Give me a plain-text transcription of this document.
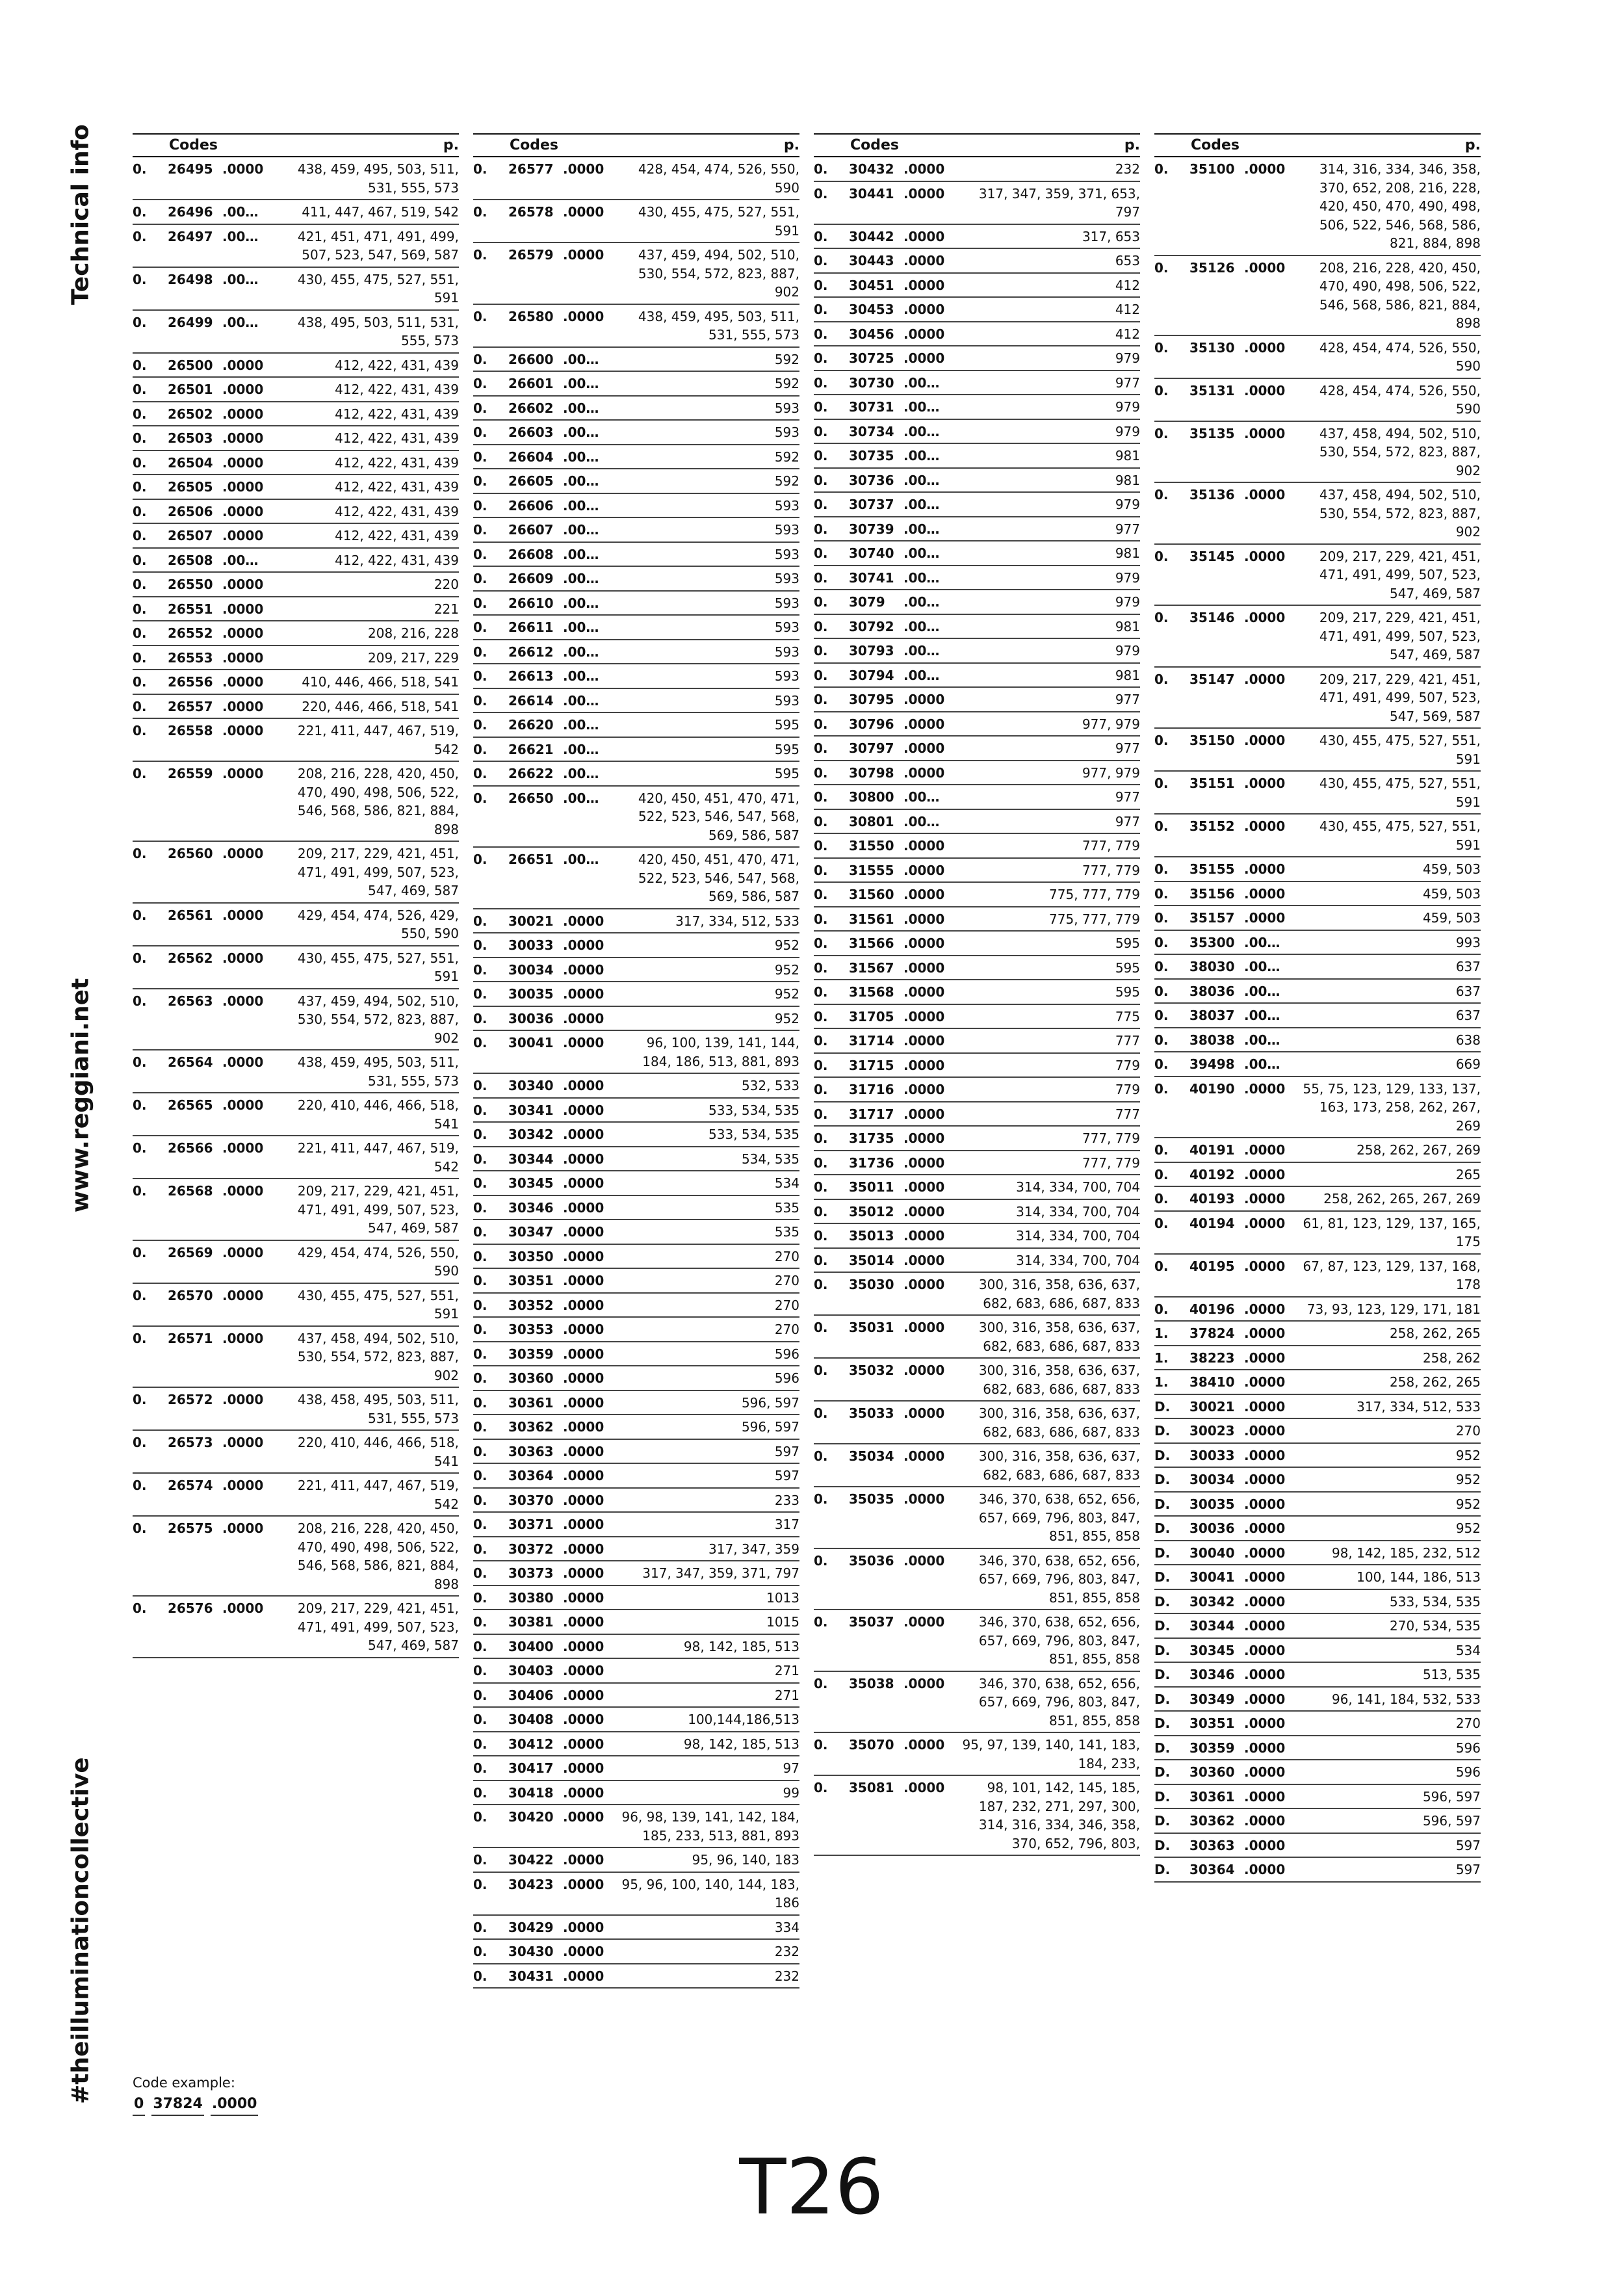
Technical info
www.reggiani.net
#theilluminationcollective
Codes	p.
0.	26495 .0000	438, 459, 495, 503, 511, 531, 555, 573
0.	26496 .00…	411, 447, 467, 519, 542
0.	26497 .00…	421, 451, 471, 491, 499, 507, 523, 547, 569, 587
0.	26498 .00…	430, 455, 475, 527, 551, 591
0.	26499 .00…	438, 495, 503, 511, 531, 555, 573
0.	26500 .0000	412, 422, 431, 439
0.	26501 .0000	412, 422, 431, 439
0.	26502 .0000	412, 422, 431, 439
0.	26503 .0000	412, 422, 431, 439
0.	26504 .0000	412, 422, 431, 439
0.	26505 .0000	412, 422, 431, 439
0.	26506 .0000	412, 422, 431, 439
0.	26507 .0000	412, 422, 431, 439
0.	26508 .00…	412, 422, 431, 439
0.	26550 .0000	220
0.	26551 .0000	221
0.	26552 .0000	208, 216, 228
0.	26553 .0000	209, 217, 229
0.	26556 .0000	410, 446, 466, 518, 541
0.	26557 .0000	220, 446, 466, 518, 541
0.	26558 .0000	221, 411, 447, 467, 519, 542
0.	26559 .0000	208, 216, 228, 420, 450, 470, 490, 498, 506, 522, 546, 568, 586, 821, 884, 898
0.	26560 .0000	209, 217, 229, 421, 451, 471, 491, 499, 507, 523, 547, 469, 587
0.	26561 .0000	429, 454, 474, 526, 429, 550, 590
0.	26562 .0000	430, 455, 475, 527, 551, 591
0.	26563 .0000	437, 459, 494, 502, 510, 530, 554, 572, 823, 887, 902
0.	26564 .0000	438, 459, 495, 503, 511, 531, 555, 573
0.	26565 .0000	220, 410, 446, 466, 518, 541
0.	26566 .0000	221, 411, 447, 467, 519, 542
0.	26568 .0000	209, 217, 229, 421, 451, 471, 491, 499, 507, 523, 547, 469, 587
0.	26569 .0000	429, 454, 474, 526, 550, 590
0.	26570 .0000	430, 455, 475, 527, 551, 591
0.	26571 .0000	437, 458, 494, 502, 510, 530, 554, 572, 823, 887, 902
0.	26572 .0000	438, 458, 495, 503, 511, 531, 555, 573
0.	26573 .0000	220, 410, 446, 466, 518, 541
0.	26574 .0000	221, 411, 447, 467, 519, 542
0.	26575 .0000	208, 216, 228, 420, 450, 470, 490, 498, 506, 522, 546, 568, 586, 821, 884, 898
0.	26576 .0000	209, 217, 229, 421, 451, 471, 491, 499, 507, 523, 547, 469, 587
Codes	p.
0.	26577 .0000	428, 454, 474, 526, 550, 590
0.	26578 .0000	430, 455, 475, 527, 551, 591
0.	26579 .0000	437, 459, 494, 502, 510, 530, 554, 572, 823, 887, 902
0.	26580 .0000	438, 459, 495, 503, 511, 531, 555, 573
0.	26600 .00…	592
0.	26601 .00…	592
0.	26602 .00…	593
0.	26603 .00…	593
0.	26604 .00…	592
0.	26605 .00…	592
0.	26606 .00…	593
0.	26607 .00…	593
0.	26608 .00…	593
0.	26609 .00…	593
0.	26610 .00…	593
0.	26611 .00…	593
0.	26612 .00…	593
0.	26613 .00…	593
0.	26614 .00…	593
0.	26620 .00…	595
0.	26621 .00…	595
0.	26622 .00…	595
0.	26650 .00…	420, 450, 451, 470, 471, 522, 523, 546, 547, 568, 569, 586, 587
0.	26651 .00…	420, 450, 451, 470, 471, 522, 523, 546, 547, 568, 569, 586, 587
0.	30021 .0000	317, 334, 512, 533
0.	30033 .0000	952
0.	30034 .0000	952
0.	30035 .0000	952
0.	30036 .0000	952
0.	30041 .0000	96, 100, 139, 141, 144, 184, 186, 513, 881, 893
0.	30340 .0000	532, 533
0.	30341 .0000	533, 534, 535
0.	30342 .0000	533, 534, 535
0.	30344 .0000	534, 535
0.	30345 .0000	534
0.	30346 .0000	535
0.	30347 .0000	535
0.	30350 .0000	270
0.	30351 .0000	270
0.	30352 .0000	270
0.	30353 .0000	270
0.	30359 .0000	596
0.	30360 .0000	596
0.	30361 .0000	596, 597
0.	30362 .0000	596, 597
0.	30363 .0000	597
0.	30364 .0000	597
0.	30370 .0000	233
0.	30371 .0000	317
0.	30372 .0000	317, 347, 359
0.	30373 .0000	317, 347, 359, 371, 797
0.	30380 .0000	1013
0.	30381 .0000	1015
0.	30400 .0000	98, 142, 185, 513
0.	30403 .0000	271
0.	30406 .0000	271
0.	30408 .0000	100,144,186,513
0.	30412 .0000	98, 142, 185, 513
0.	30417 .0000	97
0.	30418 .0000	99
0.	30420 .0000	96, 98, 139, 141, 142, 184, 185, 233, 513, 881, 893
0.	30422 .0000	95, 96, 140, 183
0.	30423 .0000	95, 96, 100, 140, 144, 183, 186
0.	30429 .0000	334
0.	30430 .0000	232
0.	30431 .0000	232
Codes	p.
0.	30432 .0000	232
0.	30441 .0000	317, 347, 359, 371, 653, 797
0.	30442 .0000	317, 653
0.	30443 .0000	653
0.	30451 .0000	412
0.	30453 .0000	412
0.	30456 .0000	412
0.	30725 .0000	979
0.	30730 .00…	977
0.	30731 .00…	979
0.	30734 .00…	979
0.	30735 .00…	981
0.	30736 .00…	981
0.	30737 .00…	979
0.	30739 .00…	977
0.	30740 .00…	981
0.	30741 .00…	979
0.	3079	.00…	979
0.	30792 .00…	981
0.	30793 .00…	979
0.	30794 .00…	981
0.	30795 .0000	977
0.	30796 .0000	977, 979
0.	30797 .0000	977
0.	30798 .0000	977, 979
0.	30800 .00…	977
0.	30801 .00…	977
0.	31550 .0000	777, 779
0.	31555 .0000	777, 779
0.	31560 .0000	775, 777, 779
0.	31561 .0000	775, 777, 779
0.	31566 .0000	595
0.	31567 .0000	595
0.	31568 .0000	595
0.	31705 .0000	775
0.	31714 .0000	777
0.	31715 .0000	779
0.	31716 .0000	779
0.	31717 .0000	777
0.	31735 .0000	777, 779
0.	31736 .0000	777, 779
0.	35011 .0000	314, 334, 700, 704
0.	35012 .0000	314, 334, 700, 704
0.	35013 .0000	314, 334, 700, 704
0.	35014 .0000	314, 334, 700, 704
0.	35030 .0000	300, 316, 358, 636, 637, 682, 683, 686, 687, 833
0.	35031 .0000	300, 316, 358, 636, 637, 682, 683, 686, 687, 833
0.	35032 .0000	300, 316, 358, 636, 637, 682, 683, 686, 687, 833
0.	35033 .0000	300, 316, 358, 636, 637, 682, 683, 686, 687, 833
0.	35034 .0000	300, 316, 358, 636, 637, 682, 683, 686, 687, 833
0.	35035 .0000	346, 370, 638, 652, 656, 657, 669, 796, 803, 847, 851, 855, 858
0.	35036 .0000	346, 370, 638, 652, 656, 657, 669, 796, 803, 847, 851, 855, 858
0.	35037 .0000	346, 370, 638, 652, 656, 657, 669, 796, 803, 847, 851, 855, 858
0.	35038 .0000	346, 370, 638, 652, 656, 657, 669, 796, 803, 847, 851, 855, 858
0.	35070 .0000	95, 97, 139, 140, 141, 183, 184, 233,
0.	35081 .0000	98, 101, 142, 145, 185, 187, 232, 271, 297, 300, 314, 316, 334, 346, 358, 370, 652, 796, 803,
Codes	p.
0.	35100 .0000	314, 316, 334, 346, 358, 370, 652, 208, 216, 228, 420, 450, 470, 490, 498, 506, 522, 546, 568, 586, 821, 884, 898
0.	35126 .0000	208, 216, 228, 420, 450, 470, 490, 498, 506, 522, 546, 568, 586, 821, 884, 898
0.	35130 .0000	428, 454, 474, 526, 550, 590
0.	35131 .0000	428, 454, 474, 526, 550, 590
0.	35135 .0000	437, 458, 494, 502, 510, 530, 554, 572, 823, 887, 902
0.	35136 .0000	437, 458, 494, 502, 510, 530, 554, 572, 823, 887, 902
0.	35145 .0000	209, 217, 229, 421, 451, 471, 491, 499, 507, 523, 547, 469, 587
0.	35146 .0000	209, 217, 229, 421, 451, 471, 491, 499, 507, 523, 547, 469, 587
0.	35147 .0000	209, 217, 229, 421, 451, 471, 491, 499, 507, 523, 547, 569, 587
0.	35150 .0000	430, 455, 475, 527, 551, 591
0.	35151 .0000	430, 455, 475, 527, 551, 591
0.	35152 .0000	430, 455, 475, 527, 551, 591
0.	35155 .0000	459, 503
0.	35156 .0000	459, 503
0.	35157 .0000	459, 503
0.	35300 .00…	993
0.	38030 .00…	637
0.	38036 .00…	637
0.	38037 .00…	637
0.	38038 .00…	638
0.	39498 .00…	669
0.	40190 .0000	55, 75, 123, 129, 133, 137, 163, 173, 258, 262, 267, 269
0.	40191 .0000	258, 262, 267, 269
0.	40192 .0000	265
0.	40193 .0000	258, 262, 265, 267, 269
0.	40194 .0000	61, 81, 123, 129, 137, 165, 175
0.	40195 .0000	67, 87, 123, 129, 137, 168, 178
0.	40196 .0000	73, 93, 123, 129, 171, 181
1.	37824 .0000	258, 262, 265
1.	38223 .0000	258, 262
1.	38410 .0000	258, 262, 265
D.	30021 .0000	317, 334, 512, 533
D.	30023 .0000	270
D.	30033 .0000	952
D.	30034 .0000	952
D.	30035 .0000	952
D.	30036 .0000	952
D.	30040 .0000	98, 142, 185, 232, 512
D.	30041 .0000	100, 144, 186, 513
D.	30342 .0000	533, 534, 535
D.	30344 .0000	270, 534, 535
D.	30345 .0000	534
D.	30346 .0000	513, 535
D.	30349 .0000	96, 141, 184, 532, 533
D.	30351 .0000	270
D.	30359 .0000	596
D.	30360 .0000	596
D.	30361 .0000	596, 597
D.	30362 .0000	596, 597
D.	30363 .0000	597
D.	30364 .0000	597
Code example:
0 37824 .0000
T26
